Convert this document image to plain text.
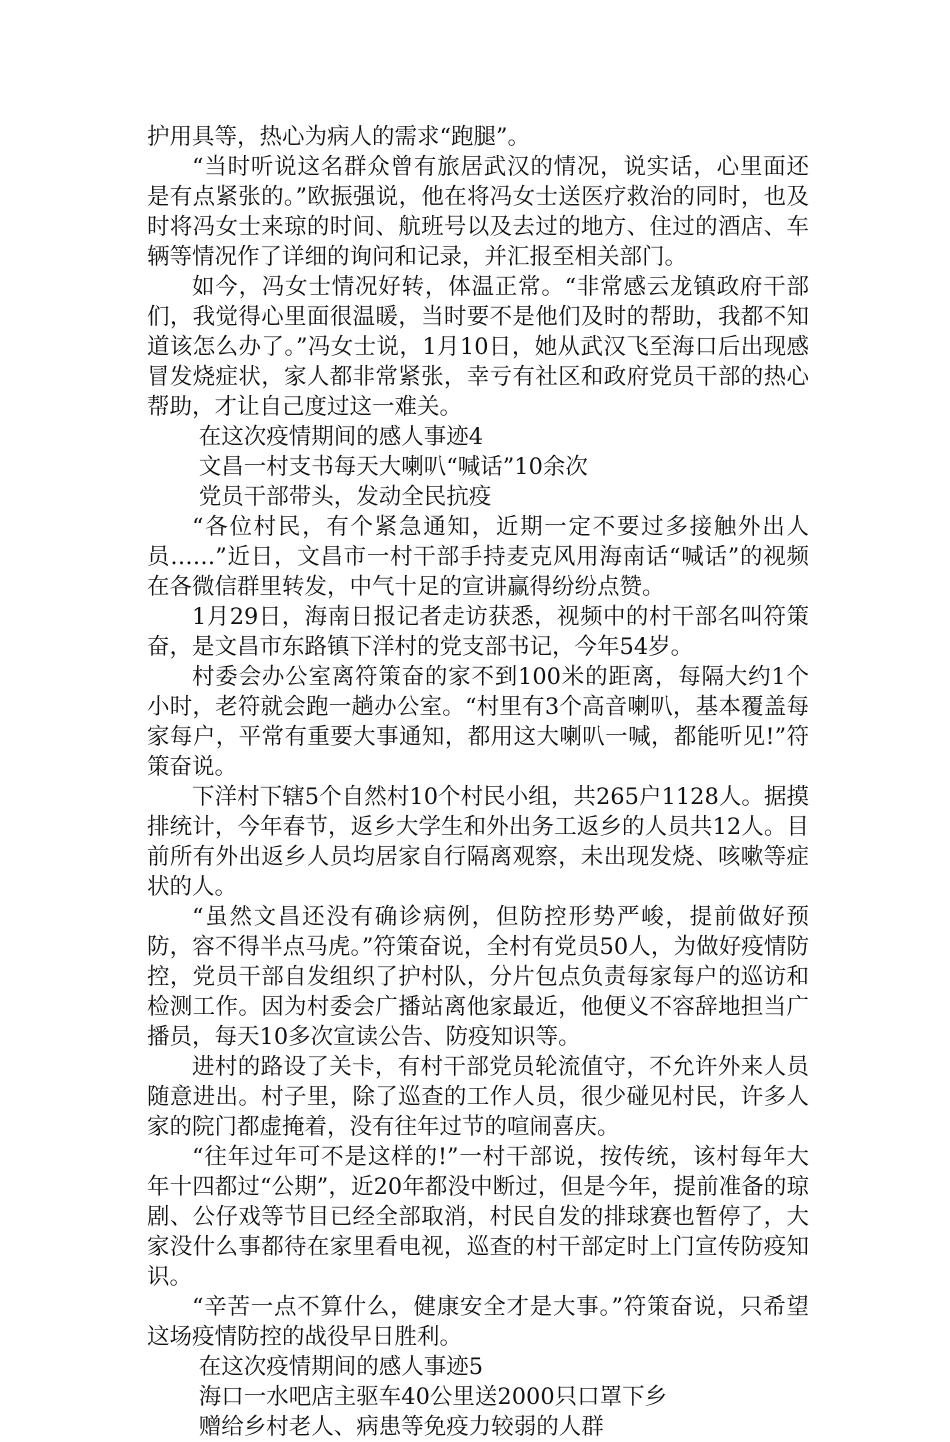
护用具等，热心为病人的需求“跑腿”。

“当时听说这名群众曾有旅居武汉的情况，说实话，心里面还是有点紧张的。”欧振强说，他在将冯女士送医疗救治的同时，也及时将冯女士来琼的时间、航班号以及去过的地方、住过的酒店、车辆等情况作了详细的询问和记录，并汇报至相关部门。

如今，冯女士情况好转，体温正常。“非常感云龙镇政府干部们，我觉得心里面很温暖，当时要不是他们及时的帮助，我都不知道该怎么办了。”冯女士说，1月10日，她从武汉飞至海口后出现感冒发烧症状，家人都非常紧张，幸亏有社区和政府党员干部的热心帮助，才让自己度过这一难关。

在这次疫情期间的感人事迹4

文昌一村支书每天大喇叭“喊话”10余次

党员干部带头，发动全民抗疫

“各位村民，有个紧急通知，近期一定不要过多接触外出人员……”近日，文昌市一村干部手持麦克风用海南话“喊话”的视频在各微信群里转发，中气十足的宣讲赢得纷纷点赞。

1月29日，海南日报记者走访获悉，视频中的村干部名叫符策奋，是文昌市东路镇下洋村的党支部书记，今年54岁。

村委会办公室离符策奋的家不到100米的距离，每隔大约1个小时，老符就会跑一趟办公室。“村里有3个高音喇叭，基本覆盖每家每户，平常有重要大事通知，都用这大喇叭一喊，都能听见!”符策奋说。

下洋村下辖5个自然村10个村民小组，共265户1128人。据摸排统计，今年春节，返乡大学生和外出务工返乡的人员共12人。目前所有外出返乡人员均居家自行隔离观察，未出现发烧、咳嗽等症状的人。

“虽然文昌还没有确诊病例，但防控形势严峻，提前做好预防，容不得半点马虎。”符策奋说，全村有党员50人，为做好疫情防控，党员干部自发组织了护村队，分片包点负责每家每户的巡访和检测工作。因为村委会广播站离他家最近，他便义不容辞地担当广播员，每天10多次宣读公告、防疫知识等。

进村的路设了关卡，有村干部党员轮流值守，不允许外来人员随意进出。村子里，除了巡查的工作人员，很少碰见村民，许多人家的院门都虚掩着，没有往年过节的喧闹喜庆。

“往年过年可不是这样的!”一村干部说，按传统，该村每年大年十四都过“公期”，近20年都没中断过，但是今年，提前准备的琼剧、公仔戏等节目已经全部取消，村民自发的排球赛也暂停了，大家没什么事都待在家里看电视，巡查的村干部定时上门宣传防疫知识。

“辛苦一点不算什么，健康安全才是大事。”符策奋说，只希望这场疫情防控的战役早日胜利。

在这次疫情期间的感人事迹5

海口一水吧店主驱车40公里送2000只口罩下乡

赠给乡村老人、病患等免疫力较弱的人群
